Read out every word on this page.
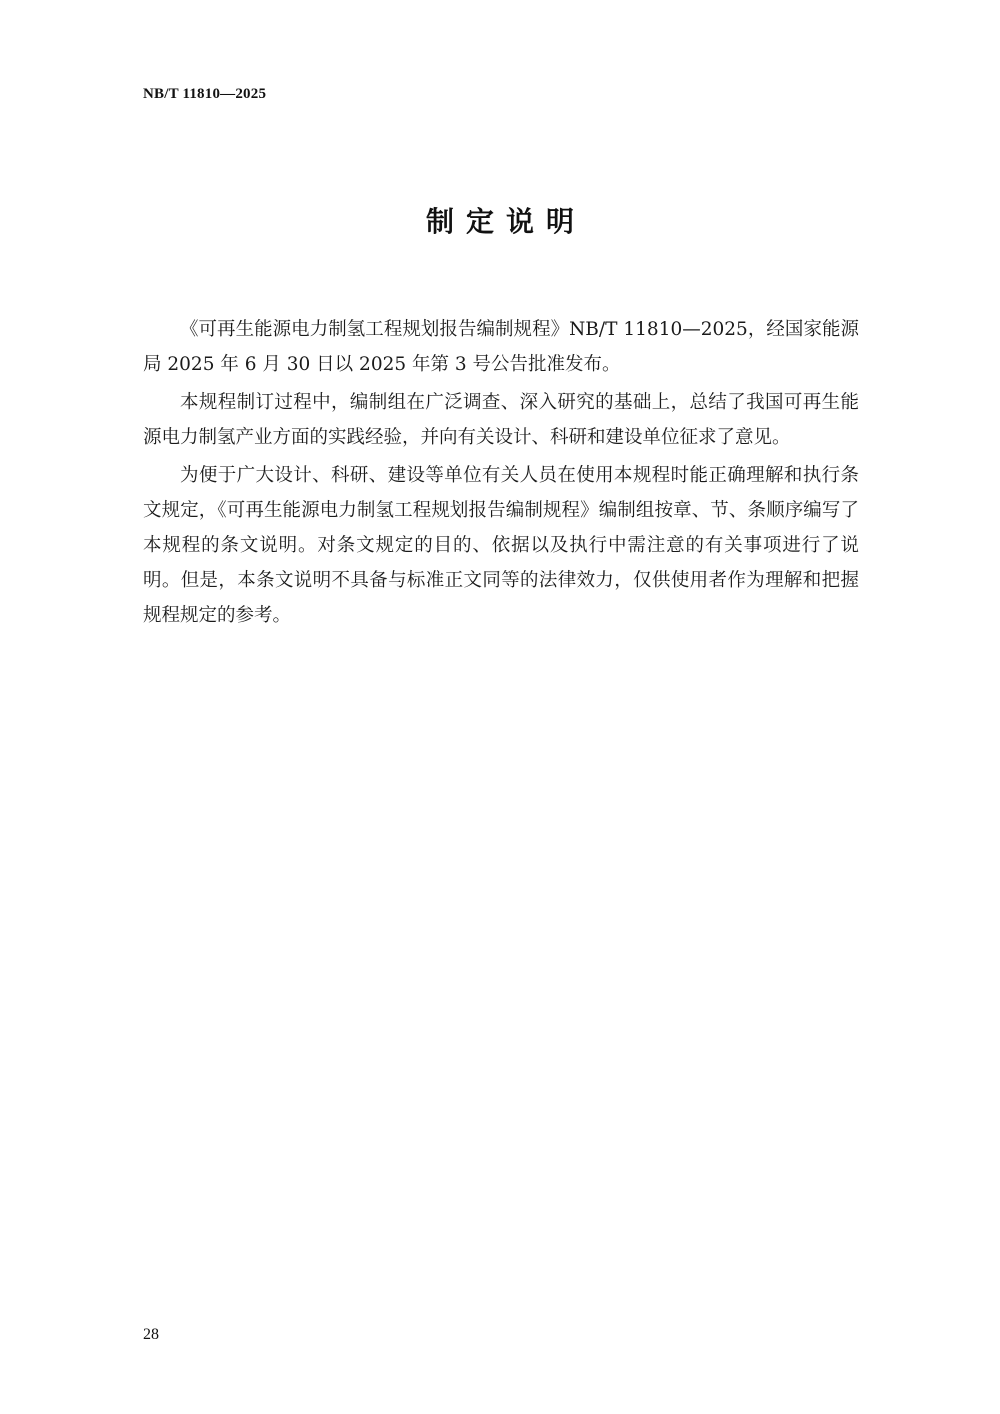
NB/T 11810—2025
制定说明

《可再生能源电力制氢工程规划报告编制规程》NB/T 11810—2025，经国家能源局 2025 年 6 月 30 日以 2025 年第 3 号公告批准发布。

本规程制订过程中，编制组在广泛调查、深入研究的基础上，总结了我国可再生能源电力制氢产业方面的实践经验，并向有关设计、科研和建设单位征求了意见。

为便于广大设计、科研、建设等单位有关人员在使用本规程时能正确理解和执行条文规定，《可再生能源电力制氢工程规划报告编制规程》编制组按章、节、条顺序编写了本规程的条文说明。对条文规定的目的、依据以及执行中需注意的有关事项进行了说明。但是，本条文说明不具备与标准正文同等的法律效力，仅供使用者作为理解和把握规程规定的参考。

28
